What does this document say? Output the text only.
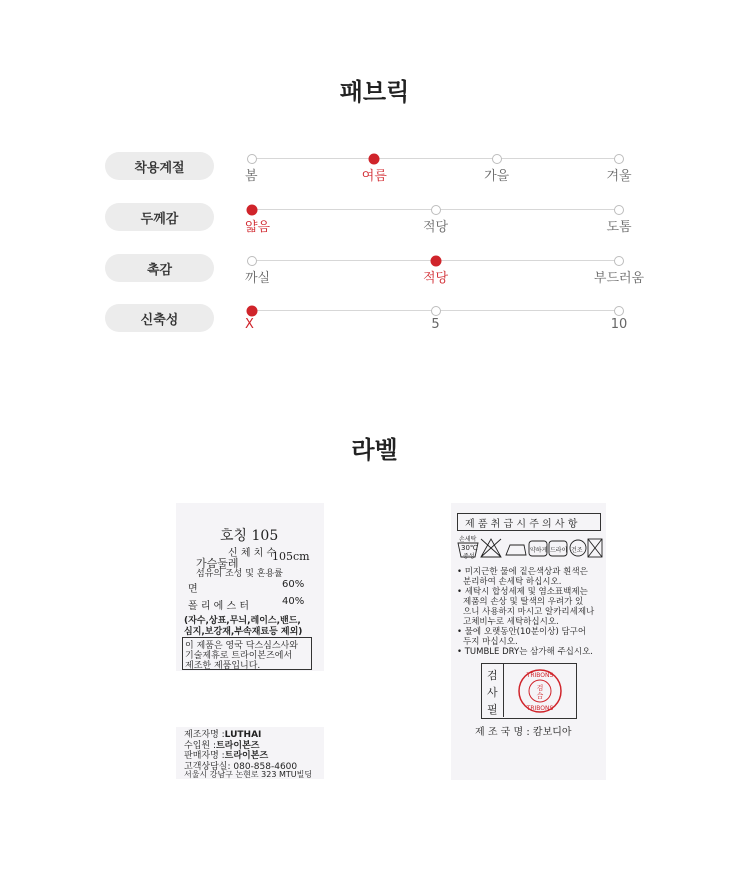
패브릭
착용계절
봄	여름	가을	겨울
두께감
얇음	적당	도톰
촉감
까실	적당	부드러움
신축성	X	5	10
라벨
호칭 105
신 체 치 수
가슴둘레
105cm
섬유의 조성 및 혼용률
면	60%
폴 리 에 스 터	40%
(자수,상표,무늬,레이스,밴드,
심지,보강재,부속재료등 제외)
이 제품은 영국 닥스심스사와
기술제휴로 트라이본즈에서
제조한 제품입니다.
제조자명 :LUTHAI
수입원 :트라이본즈
판매자명 :트라이본즈
고객상담실: 080-858-4600
서울시 강남구 논현로 323 MTU빌딩
제 품 취 급 시 주 의 사 항
손세탁
30℃
중성
약하게 드라이 건조
• 미지근한 물에 짙은색상과 흰색은
분리하여 손세탁 하십시오.
• 세탁시 합성세제 및 염소표백제는
제품의 손상 및 탈색의 우려가 있
으니 사용하지 마시고 알카리세제나
고체비누로 세탁하십시오.
• 물에 오랫동안(10분이상) 담구어
두지 마십시오.
• TUMBLE DRY는 삼가해 주십시오.
검
사
필
TRIBONS
검
合
TRIBONS
제 조 국 명 : 캄보디아
